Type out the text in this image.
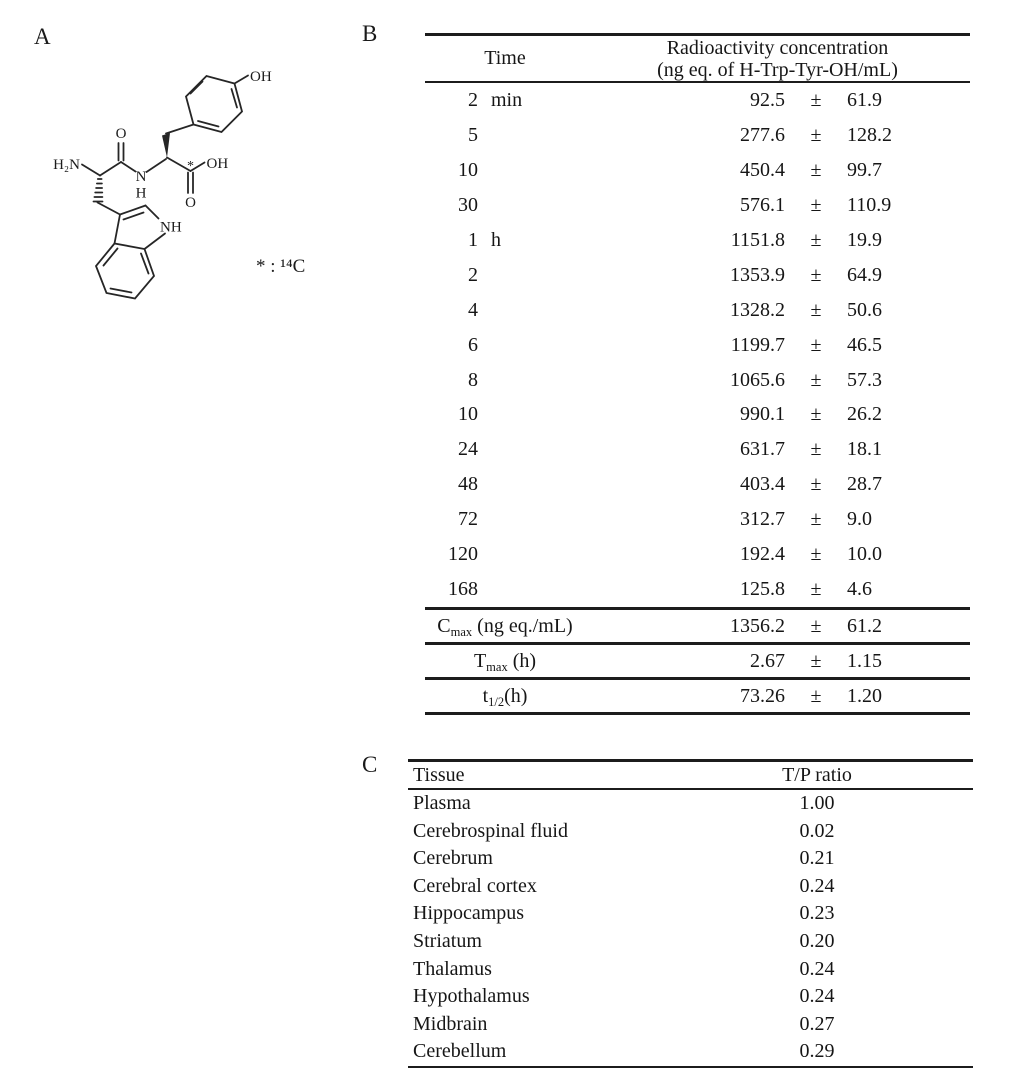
A	B
C
H₂N
O
N
H
NH
OH
* OH
O
* : ¹⁴C
Time	Radioactivity concentration
(ng eq. of H-Trp-Tyr-OH/mL)
2 min	92.5	±	61.9
5	277.6	±	128.2
10	450.4	±	99.7
30	576.1	±	110.9
1 h	1151.8	±	19.9
2	1353.9	±	64.9
4	1328.2	±	50.6
6	1199.7	±	46.5
8	1065.6	±	57.3
10	990.1	±	26.2
24	631.7	±	18.1
48	403.4	±	28.7
72	312.7	±	9.0
120	192.4	±	10.0
168	125.8	±	4.6
$C_{max}$ (ng eq./mL)	1356.2	±	61.2
$T_{max}$ (h)	2.67	±	1.15
$t_{1/2}(h)$	73.26	±	1.20
Tissue	T/P ratio
Plasma	1.00
Cerebrospinal fluid	0.02
Cerebrum	0.21
Cerebral cortex	0.24
Hippocampus	0.23
Striatum	0.20
Thalamus	0.24
Hypothalamus	0.24
Midbrain	0.27
Cerebellum	0.29
